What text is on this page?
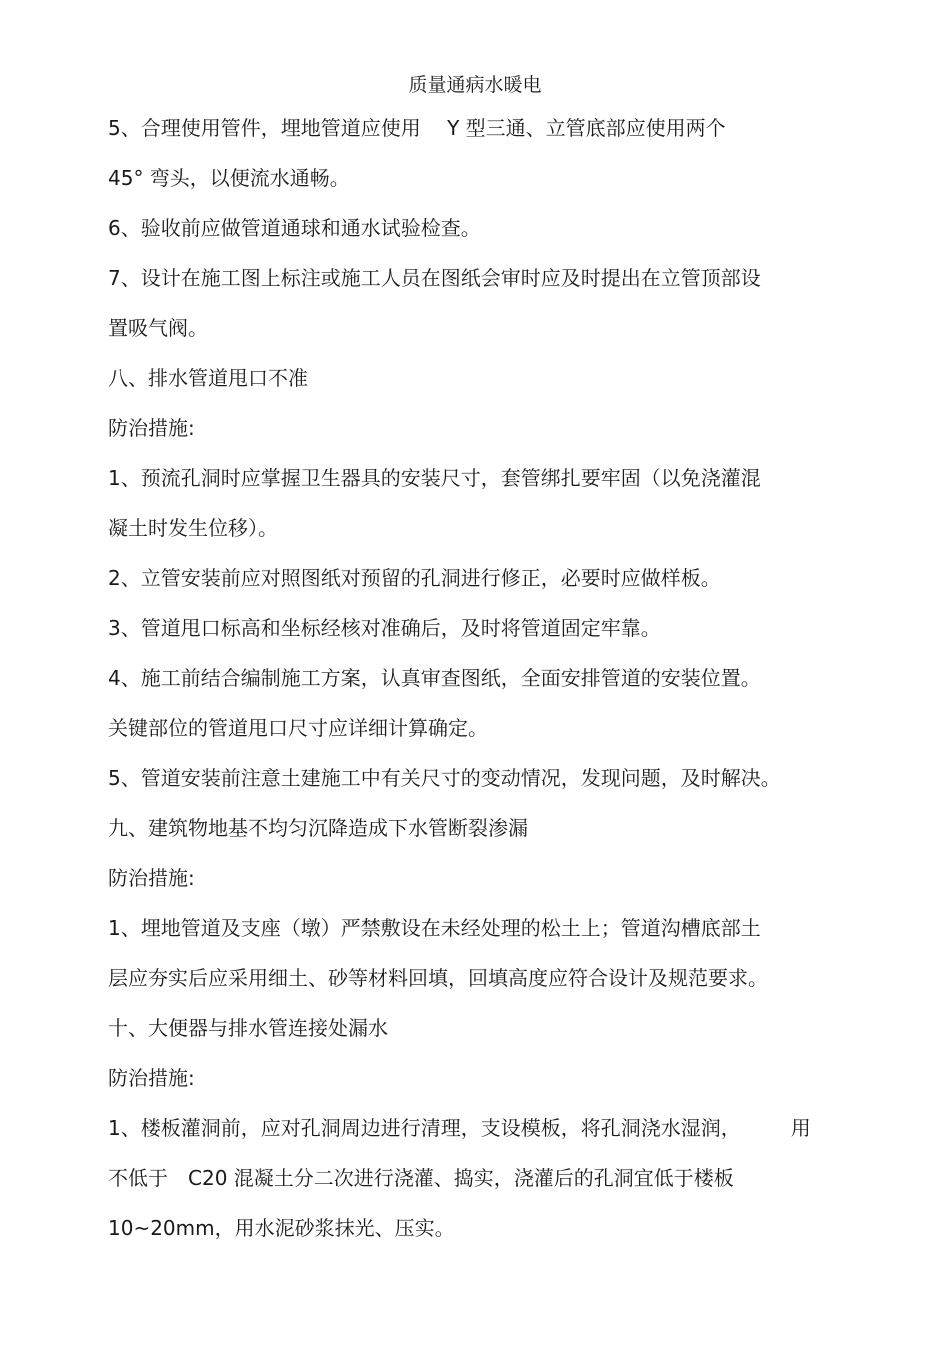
质量通病水暖电
5、合理使用管件，埋地管道应使用　 Y 型三通、立管底部应使用两个
45° 弯头，以便流水通畅。
6、验收前应做管道通球和通水试验检查。
7、设计在施工图上标注或施工人员在图纸会审时应及时提出在立管顶部设
置吸气阀。
八、排水管道甩口不准
防治措施:
1、预流孔洞时应掌握卫生器具的安装尺寸，套管绑扎要牢固（以免浇灌混
凝土时发生位移）。
2、立管安装前应对照图纸对预留的孔洞进行修正，必要时应做样板。
3、管道甩口标高和坐标经核对准确后，及时将管道固定牢靠。
4、施工前结合编制施工方案，认真审查图纸，全面安排管道的安装位置。
关键部位的管道甩口尺寸应详细计算确定。
5、管道安装前注意土建施工中有关尺寸的变动情况，发现问题，及时解决。
九、建筑物地基不均匀沉降造成下水管断裂渗漏
防治措施:
1、埋地管道及支座（墩）严禁敷设在未经处理的松土上；管道沟槽底部土
层应夯实后应采用细土、砂等材料回填，回填高度应符合设计及规范要求。
十、大便器与排水管连接处漏水
防治措施:
1、楼板灌洞前，应对孔洞周边进行清理，支设模板，将孔洞浇水湿润，　　　用
不低于　C20 混凝土分二次进行浇灌、捣实，浇灌后的孔洞宜低于楼板
10~20mm，用水泥砂浆抹光、压实。
